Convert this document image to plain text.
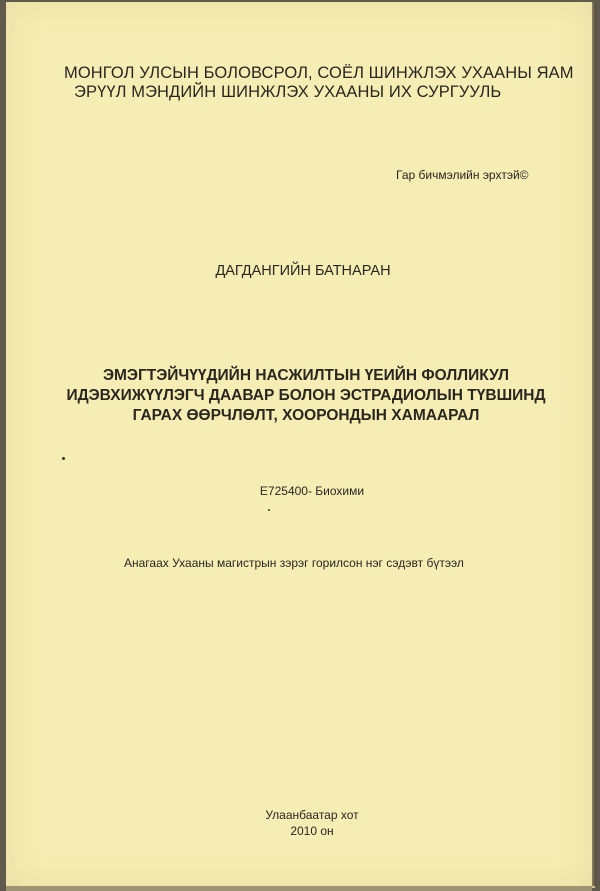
МОНГОЛ УЛСЫН БОЛОВСРОЛ, СОЁЛ ШИНЖЛЭХ УХААНЫ ЯАМ
ЭРҮҮЛ МЭНДИЙН ШИНЖЛЭХ УХААНЫ ИХ СУРГУУЛЬ

Гар бичмэлийн эрхтэй©

ДАГДАНГИЙН БАТНАРАН

ЭМЭГТЭЙЧҮҮДИЙН НАСЖИЛТЫН ҮЕИЙН ФОЛЛИКУЛ
ИДЭВХИЖҮҮЛЭГЧ ДААВАР БОЛОН ЭСТРАДИОЛЫН ТҮВШИНД
ГАРАХ ӨӨРЧЛӨЛТ, ХООРОНДЫН ХАМААРАЛ

E725400- Биохими

Анагаах Ухааны магистрын зэрэг горилсон нэг сэдэвт бүтээл

Улаанбаатар хот
2010 он
